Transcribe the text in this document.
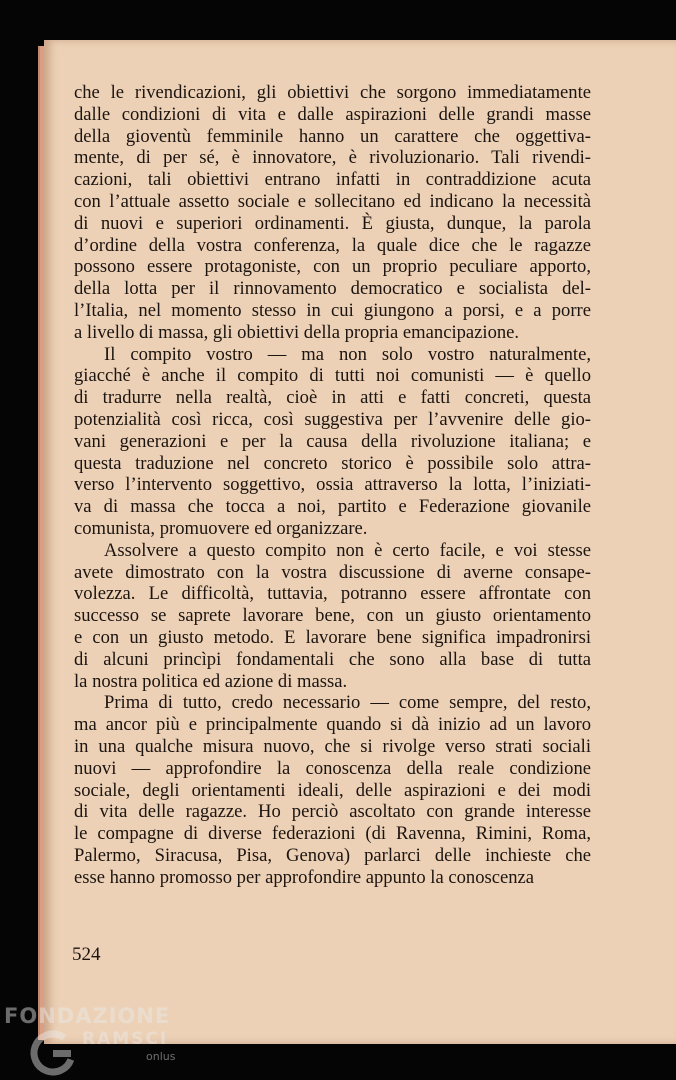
che le rivendicazioni, gli obiettivi che sorgono immediatamente
dalle condizioni di vita e dalle aspirazioni delle grandi masse
della gioventù femminile hanno un carattere che oggettiva-
mente, di per sé, è innovatore, è rivoluzionario. Tali rivendi-
cazioni, tali obiettivi entrano infatti in contraddizione acuta
con l’attuale assetto sociale e sollecitano ed indicano la necessità
di nuovi e superiori ordinamenti. È giusta, dunque, la parola
d’ordine della vostra conferenza, la quale dice che le ragazze
possono essere protagoniste, con un proprio peculiare apporto,
della lotta per il rinnovamento democratico e socialista del-
l’Italia, nel momento stesso in cui giungono a porsi, e a porre
a livello di massa, gli obiettivi della propria emancipazione.

Il compito vostro — ma non solo vostro naturalmente,
giacché è anche il compito di tutti noi comunisti — è quello
di tradurre nella realtà, cioè in atti e fatti concreti, questa
potenzialità così ricca, così suggestiva per l’avvenire delle gio-
vani generazioni e per la causa della rivoluzione italiana; e
questa traduzione nel concreto storico è possibile solo attra-
verso l’intervento soggettivo, ossia attraverso la lotta, l’iniziati-
va di massa che tocca a noi, partito e Federazione giovanile
comunista, promuovere ed organizzare.

Assolvere a questo compito non è certo facile, e voi stesse
avete dimostrato con la vostra discussione di averne consape-
volezza. Le difficoltà, tuttavia, potranno essere affrontate con
successo se saprete lavorare bene, con un giusto orientamento
e con un giusto metodo. E lavorare bene significa impadronirsi
di alcuni princìpi fondamentali che sono alla base di tutta
la nostra politica ed azione di massa.

Prima di tutto, credo necessario — come sempre, del resto,
ma ancor più e principalmente quando si dà inizio ad un lavoro
in una qualche misura nuovo, che si rivolge verso strati sociali
nuovi — approfondire la conoscenza della reale condizione
sociale, degli orientamenti ideali, delle aspirazioni e dei modi
di vita delle ragazze. Ho perciò ascoltato con grande interesse
le compagne di diverse federazioni (di Ravenna, Rimini, Roma,
Palermo, Siracusa, Pisa, Genova) parlarci delle inchieste che
esse hanno promosso per approfondire appunto la conoscenza

524
FONDAZIONE
RAMSCI
onlus
